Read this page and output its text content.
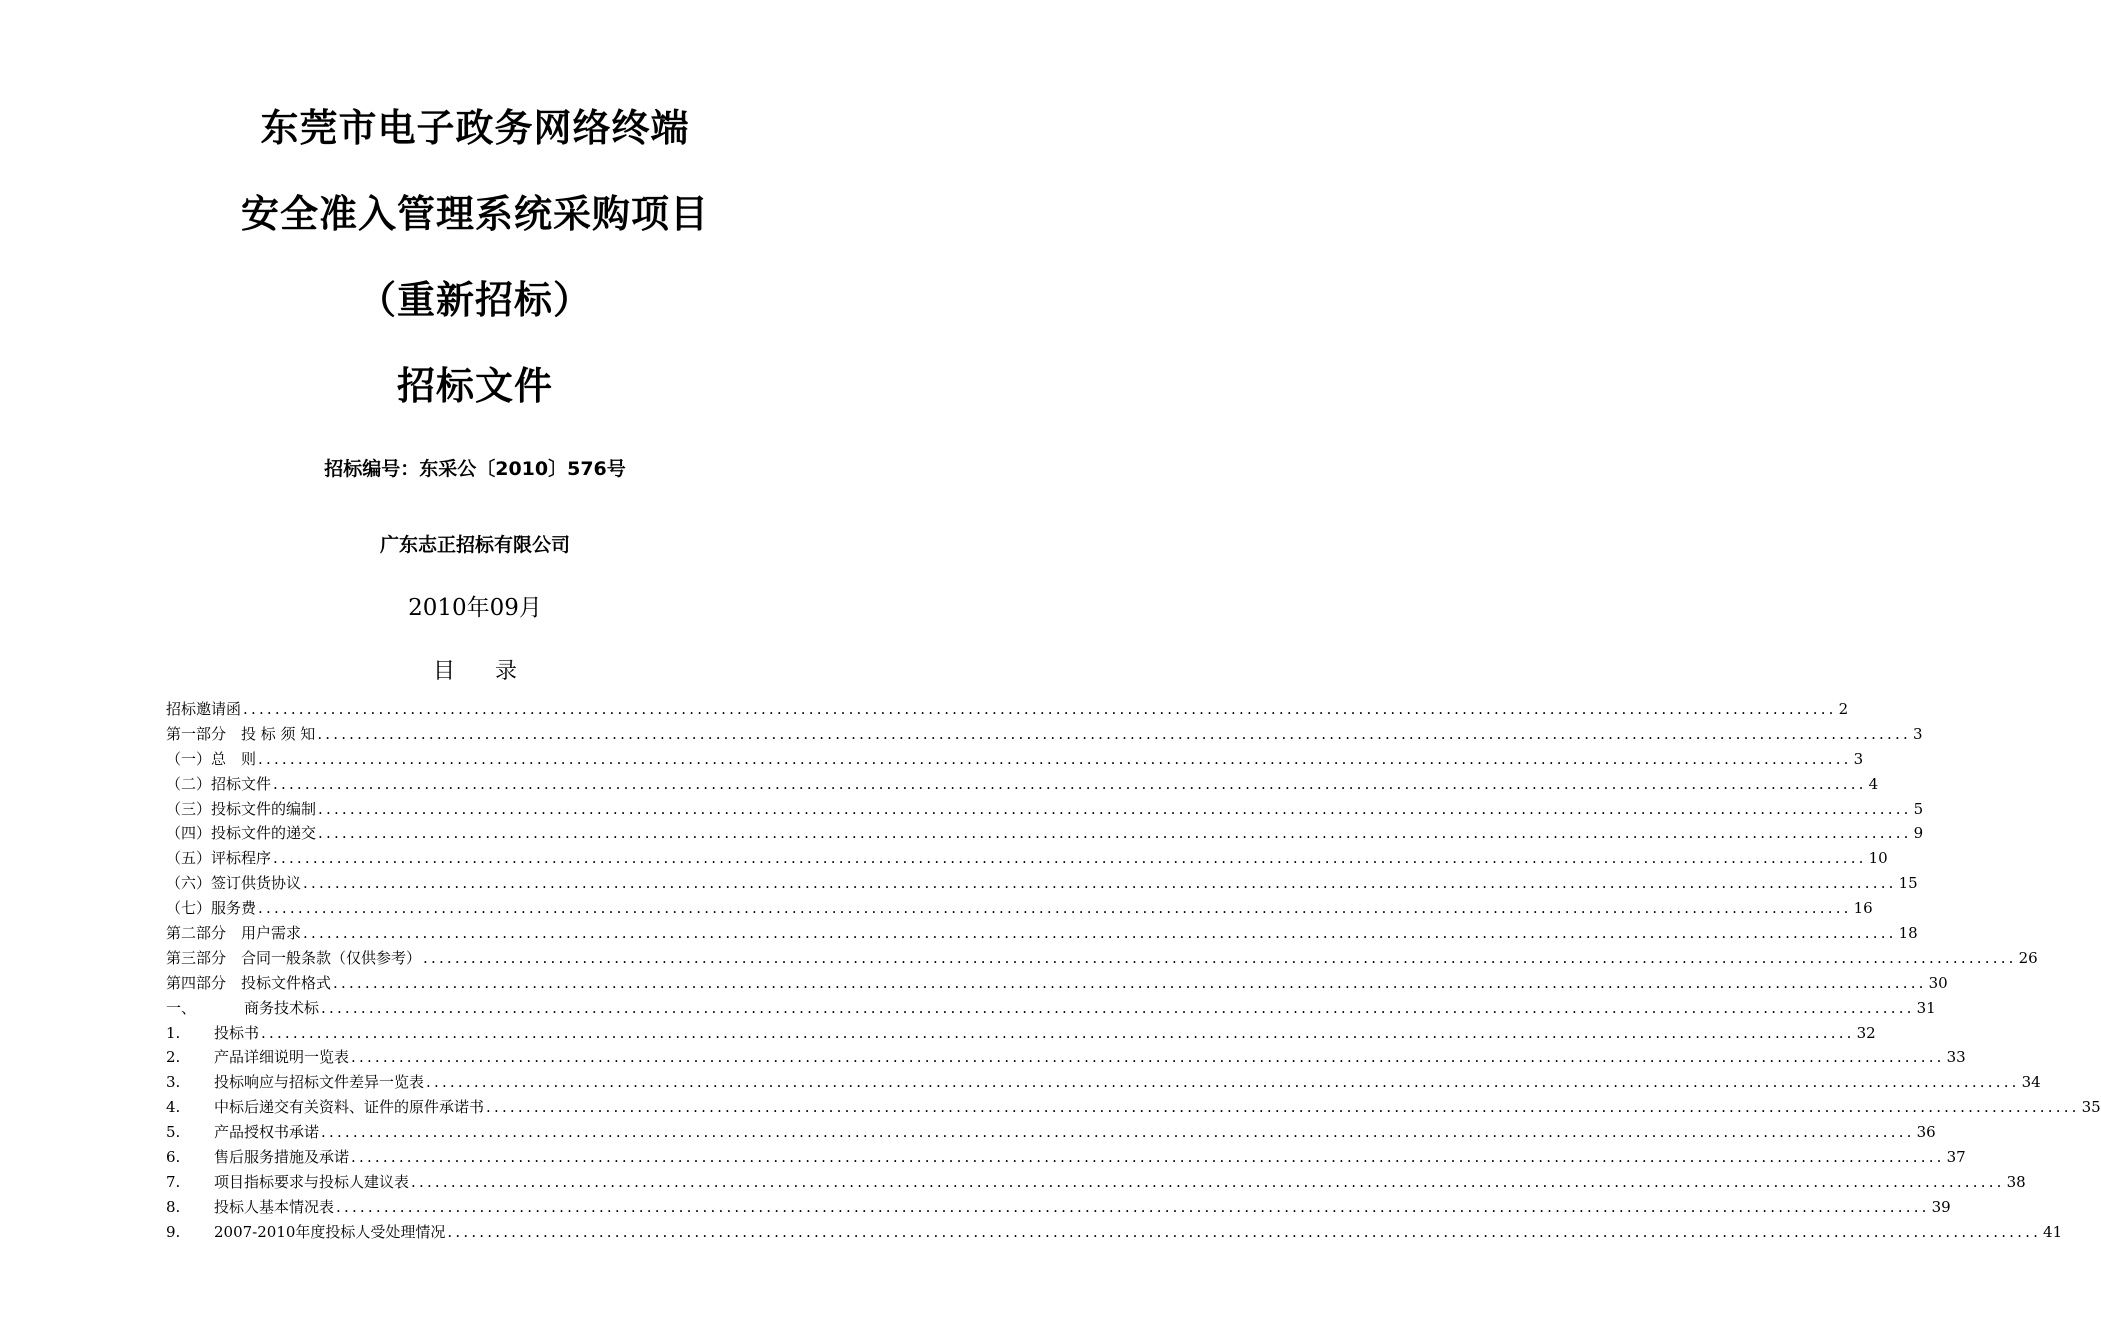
东莞市电子政务网络终端
安全准入管理系统采购项目
（重新招标）
招标文件
招标编号：东采公〔2010〕576号
广东志正招标有限公司
2010年09月
目录
招标邀请函 ........................................................................................................................................................................................................ 2
第一部分　投 标 须 知 ........................................................................................................................................................................................................ 3
（一）总　则 ........................................................................................................................................................................................................ 3
（二）招标文件 ........................................................................................................................................................................................................ 4
（三）投标文件的编制 ........................................................................................................................................................................................................ 5
（四）投标文件的递交 ........................................................................................................................................................................................................ 9
（五）评标程序 ........................................................................................................................................................................................................ 10
（六）签订供货协议 ........................................................................................................................................................................................................ 15
（七）服务费 ........................................................................................................................................................................................................ 16
第二部分　用户需求 ........................................................................................................................................................................................................ 18
第三部分　合同一般条款（仅供参考） ........................................................................................................................................................................................................ 26
第四部分　投标文件格式 ........................................................................................................................................................................................................ 30
一、	　　商务技术标 ........................................................................................................................................................................................................ 31
1.	投标书 ........................................................................................................................................................................................................ 32
2.	产品详细说明一览表 ........................................................................................................................................................................................................ 33
3.	投标响应与招标文件差异一览表 ........................................................................................................................................................................................................ 34
4.	中标后递交有关资料、证件的原件承诺书 ........................................................................................................................................................................................................ 35
5.	产品授权书承诺 ........................................................................................................................................................................................................ 36
6.	售后服务措施及承诺 ........................................................................................................................................................................................................ 37
7.	项目指标要求与投标人建议表 ........................................................................................................................................................................................................ 38
8.	投标人基本情况表 ........................................................................................................................................................................................................ 39
9.	2007-2010年度投标人受处理情况 ........................................................................................................................................................................................................ 41
